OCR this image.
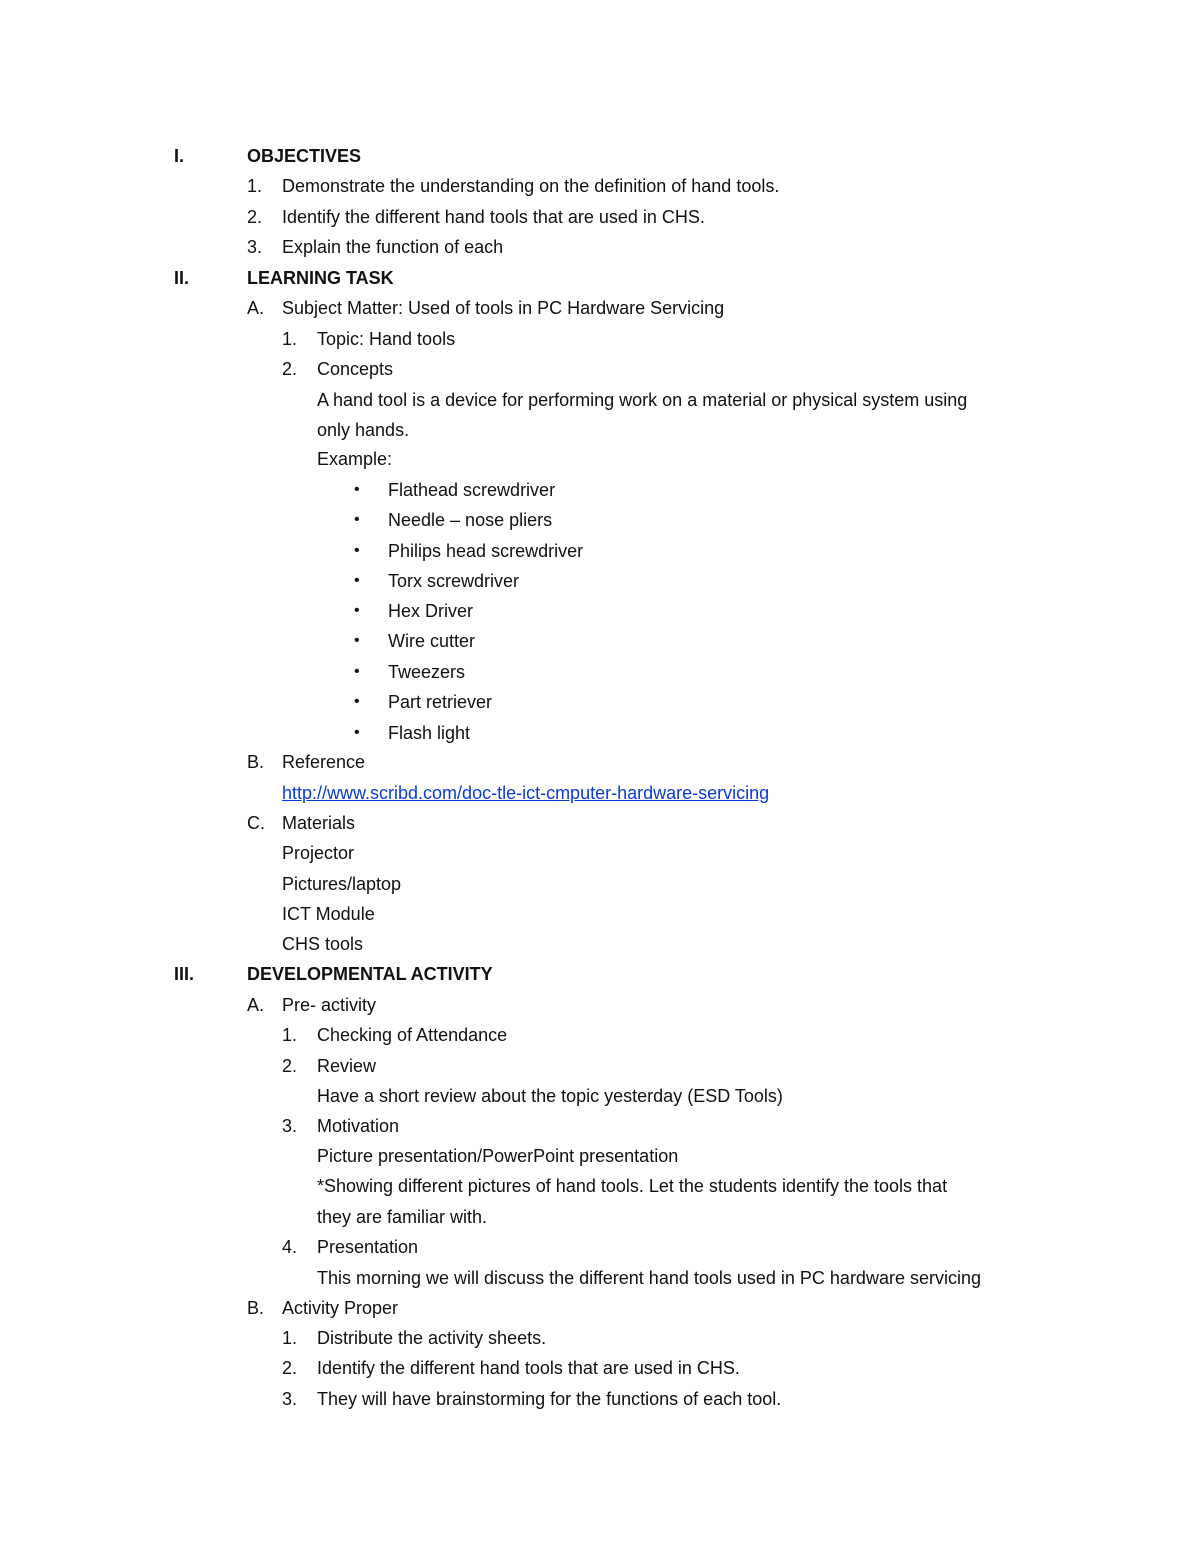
I.	OBJECTIVES
1. Demonstrate the understanding on the definition of hand tools.
2. Identify the different hand tools that are used in CHS.
3. Explain the function of each
II.	LEARNING TASK
A. Subject Matter: Used of tools in PC Hardware Servicing
1. Topic: Hand tools
2. Concepts
A hand tool is a device for performing work on a material or physical system using
only hands.
Example:
• Flathead screwdriver
• Needle – nose pliers
• Philips head screwdriver
• Torx screwdriver
• Hex Driver
• Wire cutter
• Tweezers
• Part retriever
• Flash light
B. Reference
http://www.scribd.com/doc-tle-ict-cmputer-hardware-servicing
C. Materials
Projector
Pictures/laptop
ICT Module
CHS tools
III.	DEVELOPMENTAL ACTIVITY
A. Pre- activity
1. Checking of Attendance
2. Review
Have a short review about the topic yesterday (ESD Tools)
3. Motivation
Picture presentation/PowerPoint presentation
*Showing different pictures of hand tools. Let the students identify the tools that
they are familiar with.
4. Presentation
This morning we will discuss the different hand tools used in PC hardware servicing
B. Activity Proper
1. Distribute the activity sheets.
2. Identify the different hand tools that are used in CHS.
3. They will have brainstorming for the functions of each tool.
